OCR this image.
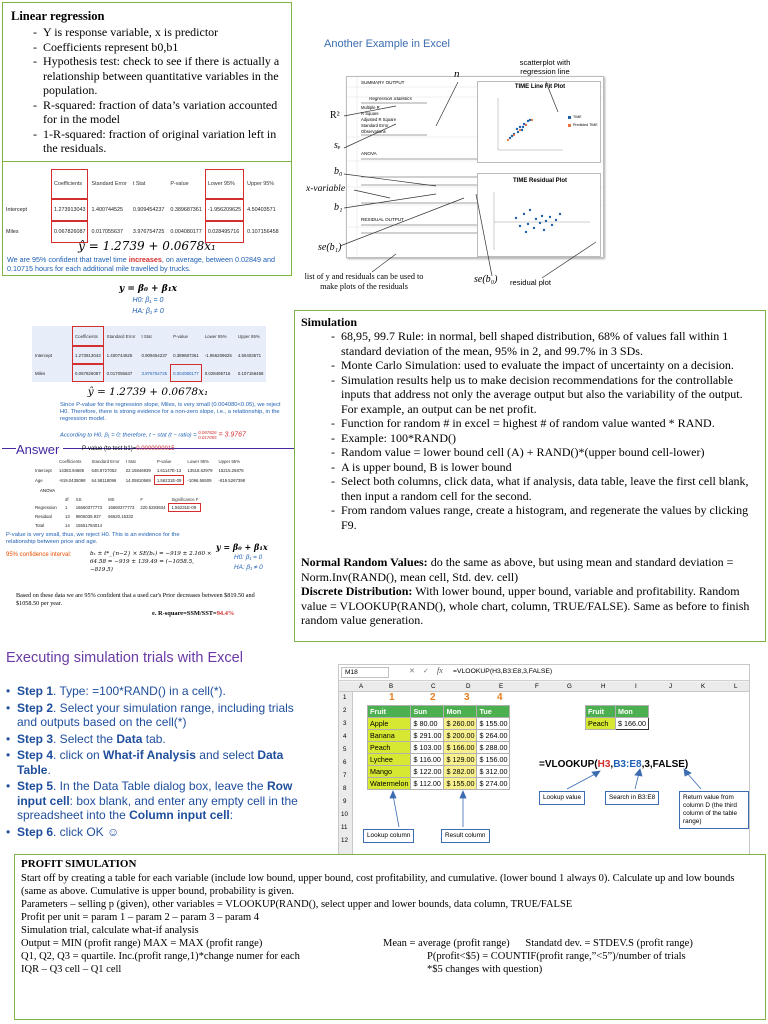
Linear regression
- Y is response variable, x is predictor
- Coefficients represent b0,b1
- Hypothesis test: check to see if there is actually a relationship between quantitative variables in the population.
- R-squared: fraction of data’s variation accounted for in the model
- 1-R-squared: fraction of original variation left in the residuals.
	Coefficients	Standard Error	t Stat	P-value	Lower 95%	Upper 95%
Intercept	1.273913043	1.400744525	0.909454237	0.389687361	-1.956209625	4.50403571
Miles	0.067826087	0.017055637	3.976754725	0.004080177	0.028495716	0.107156458
ŷ = 1.2739 + 0.0678x₁
We are 95% confident that travel time increases, on average, between 0.02849 and 0.10715 hours for each additional mile travelled by trucks.
Another Example in Excel
SUMMARY OUTPUT
Regression Statistics
Multiple R
R Square
Adjusted R Square
Standard Error
Observations
ANOVA
RESIDUAL OUTPUT
TIME Line Fit Plot
TIME
Predicted TIME
TIME Residual Plot
n
scatterplot with regression line
R²
sₑ
b₀
x-variable
b₁
se(b₁)
se(b₀)
list of y and residuals can be used to make plots of the residuals	residual plot
y = β₀ + β₁x
H0: β₁ = 0
HA: β₁ ≠ 0
	Coefficients	Standard Error	t Stat	P-value	Lower 95%	Upper 95%
Intercept	1.273913043	1.400744525	0.909454237	0.389687361	-1.956209625	4.50403571
Miles	0.067826087	0.017055637	3.976754725	0.004080177	0.028495716	0.107156458
ŷ = 1.2739 + 0.0678x₁
Since P-value for the regression slope, Miles, is very small (0.004080<0.05), we reject H0. Therefore, there is strong evidence for a non-zero slope, i.e., a relationship, in the regression model.
According to H0, β₁ = 0; therefore, t − stat (t − ratio) = 0.067826
0.017055 = 3.9767
Answer	P-value (to test b1)=0.0000000015
	Coefficients	Standard Error	t Stat	P-value	Lower 95%	Upper 95%
Intercept	14383.94685	648.8727052	22.16846939	1.61147E-13	13518.62979	15215.26876
Age	-919.0435098	64.58118096	14.05810669	1.56231E-09	-1096.56509	-819.5267398
ANOVA
	df	SS	MS	F	Significance F
Regression	1	16660377773	16660377773	220.5293934	1.56231E-09
Residual	13	9806035.937	66620.15332		
Total	14	15551784014			
P-value is very small, thus, we reject H0. This is an evidence for the relationship between price and age.	y = β₀ + β₁x
95% confidence interval:	b₁ ± t*_{n−2} × SE(b₁) = −919 ± 2.160 × 64.58 = −919 ± 139.49 = (−1058.5, −819.5)
H0: β₁ = 0
HA: β₁ ≠ 0
Based on these data we are 95% confident that a used car's Prior decreases between $819.50 and $1058.50 per year.
e. R-square=SSM/SST=94.4%
Simulation
- 68,95, 99.7 Rule: in normal, bell shaped distribution, 68% of values fall within 1 standard deviation of the mean, 95% in 2, and 99.7% in 3 SDs.
- Monte Carlo Simulation: used to evaluate the impact of uncertainty on a decision.
- Simulation results help us to make decision recommendations for the controllable inputs that address not only the average output but also the variability of the output. For example, an output can be net profit.
- Function for random # in excel = highest # of random value wanted * RAND.
- Example: 100*RAND()
- Random value = lower bound cell (A) + RAND()*(upper bound cell-lower)
- A is upper bound, B is lower bound
- Select both columns, click data, what if analysis, data table, leave the first cell blank, then input a random cell for the second.
- From random values range, create a histogram, and regenerate the values by clicking F9.
Normal Random Values: do the same as above, but using mean and standard deviation = Norm.Inv(RAND(), mean cell, Std. dev. cell)
Discrete Distribution: With lower bound, upper bound, variable and profitability. Random value = VLOOKUP(RAND(), whole chart, column, TRUE/FALSE). Same as before to finish random value generation.
Executing simulation trials with Excel
• Step 1. Type: =100*RAND() in a cell(*).
• Step 2. Select your simulation range, including trials and outputs based on the cell(*)
• Step 3. Select the Data tab.
• Step 4. click on What-if Analysis and select Data Table.
• Step 5. In the Data Table dialog box, leave the Row input cell: box blank, and enter any empty cell in the spreadsheet into the Column input cell:
• Step 6. click OK ☺
M18	✕ ✓ fx =VLOOKUP(H3,B3:E8,3,FALSE)
A	B	C	D	E	F	G	H	I	J	K	L
1
2
3
4
5
6
7
8
9
10
11
12
1	2	3	4
Fruit	Sun	Mon	Tue
Apple	$ 80.00	$ 260.00	$ 155.00
Banana	$ 291.00	$ 200.00	$ 264.00
Peach	$ 103.00	$ 166.00	$ 288.00
Lychee	$ 116.00	$ 129.00	$ 156.00
Mango	$ 122.00	$ 282.00	$ 312.00
Watermelon	$ 112.00	$ 155.00	$ 274.00
Fruit	Mon
Peach	$ 166.00
=VLOOKUP(H3,B3:E8,3,FALSE)
Lookup value	Search in B3:E8	Return value from column D (the third column of the table range)
Lookup column	Result column
PROFIT SIMULATION
Start off by creating a table for each variable (include low bound, upper bound, cost profitability, and cumulative. (lower bound 1 always 0). Calculate up and low bounds (same as above. Cumulative is upper bound, probability is given.
Parameters – selling p (given), other variables = VLOOKUP(RAND(), select upper and lower bounds, data column, TRUE/FALSE
Profit per unit = param 1 – param 2 – param 3 – param 4
Simulation trial, calculate what-if analysis
Output = MIN (profit range) MAX = MAX (profit range)
Q1, Q2, Q3 = quartile. Inc.(profit range,1)*change numer for each
IQR – Q3 cell – Q1 cell
Mean = average (profit range)      Standatd dev. = STDEV.S (profit range)
P(profit<$5) = COUNTIF(profit range,”<5”)/number of trials
*$5 changes with question)
